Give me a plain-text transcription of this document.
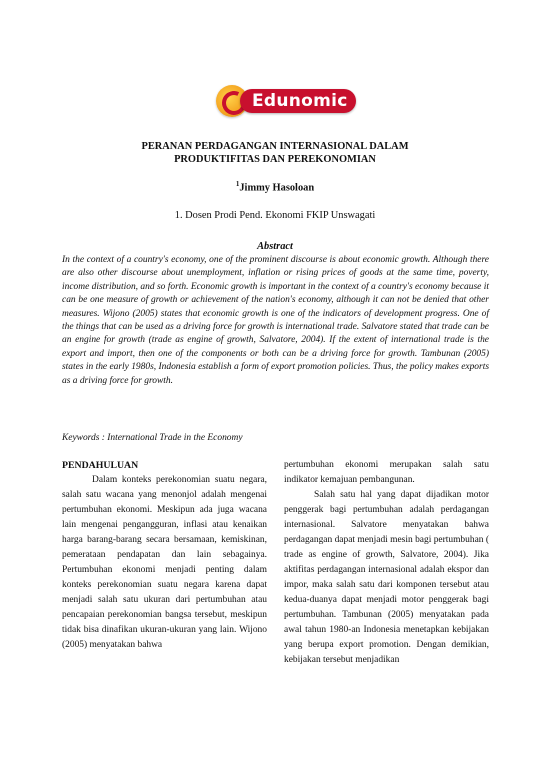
Edunomic
PERANAN PERDAGANGAN INTERNASIONAL DALAM
PRODUKTIFITAS DAN PEREKONOMIAN
$^1$Jimmy Hasoloan
1. Dosen Prodi Pend. Ekonomi FKIP Unswagati
Abstract

In the context of a country's economy, one of the prominent discourse is about economic growth. Although there are also other discourse about unemployment, inflation or rising prices of goods at the same time, poverty, income distribution, and so forth. Economic growth is important in the context of a country's economy because it can be one measure of growth or achievement of the nation's economy, although it can not be denied that other measures. Wijono (2005) states that economic growth is one of the indicators of development progress. One of the things that can be used as a driving force for growth is international trade. Salvatore stated that trade can be an engine for growth (trade as engine of growth, Salvatore, 2004). If the extent of international trade is the export and import, then one of the components or both can be a driving force for growth. Tambunan (2005) states in the early 1980s, Indonesia establish a form of export promotion policies. Thus, the policy makes exports as a driving force for growth.

Keywords : International Trade in the Economy

PENDAHULUAN

Dalam konteks perekonomian suatu negara, salah satu wacana yang menonjol adalah mengenai pertumbuhan ekonomi. Meskipun ada juga wacana lain mengenai pengangguran, inflasi atau kenaikan harga barang-barang secara bersamaan, kemiskinan, pemerataan pendapatan dan lain sebagainya. Pertumbuhan ekonomi menjadi penting dalam konteks perekonomian suatu negara karena dapat menjadi salah satu ukuran dari pertumbuhan atau pencapaian perekonomian bangsa tersebut, meskipun tidak bisa dinafikan ukuran-ukuran yang lain. Wijono (2005) menyatakan bahwa

pertumbuhan ekonomi merupakan salah satu indikator kemajuan pembangunan.

Salah satu hal yang dapat dijadikan motor penggerak bagi pertumbuhan adalah perdagangan internasional. Salvatore menyatakan bahwa perdagangan dapat menjadi mesin bagi pertumbuhan ( trade as engine of growth, Salvatore, 2004). Jika aktifitas perdagangan internasional adalah ekspor dan impor, maka salah satu dari komponen tersebut atau kedua-duanya dapat menjadi motor penggerak bagi pertumbuhan. Tambunan (2005) menyatakan pada awal tahun 1980-an Indonesia menetapkan kebijakan yang berupa export promotion. Dengan demikian, kebijakan tersebut menjadikan
